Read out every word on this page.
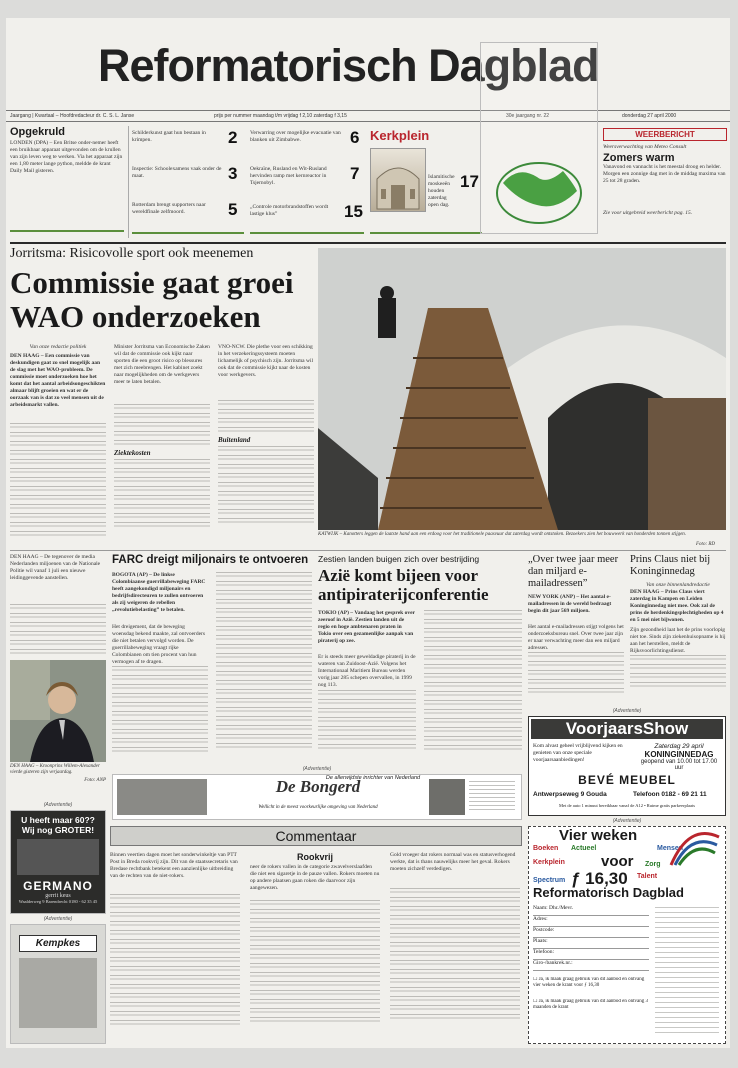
Reformatorisch Dagblad
Jaargang | Kwartaal – Hoofdredacteur dr. C. S. L. Janse	prijs per nummer maandag t/m vrijdag f 2,10 zaterdag f 3,15	30e jaargang nr. 22	donderdag 27 april 2000
Opgekruld
LONDEN (DPA) – Een Britse onder-nemer heeft een bruikbaar apparaat uitgevonden om de krullen van zijn leven weg te werken. Via het apparaat zijn een 1,80 meter lange python, meldde de krant Daily Mail gisteren.
Schilderkunst gaat hun bestaan in krimpen.	2
Inspectie: Schoolexamens vaak onder de maat.	3
Rotterdam brengt supporters naar wereldfinale zelfmoord.	5
Verwarring over mogelijke evacuatie van blanken uit Zimbabwe.	6
Oekraïne, Rusland en Wit-Rusland hervinden ramp met kernreactor in Tsjernobyl.	7
„Controle motorbrandstoffen wordt lastige klus”	15
Kerkplein
Islamitische moskeeën houden zaterdag open dag.
17
WEERBERICHT
Weersverwachting van Meteo Consult
Zomers warm
Vanavond en vannacht is het meestal droog en helder. Morgen een zonnige dag met in de middag maxima van 25 tot 28 graden.
Zie voor uitgebreid weerbericht pag. 15.
Jorritsma: Risicovolle sport ook meenemen
Commissie gaat groei
WAO onderzoeken
Van onze redactie politiek
DEN HAAG – Een commissie van deskundigen gaat zo snel mogelijk aan de slag met het WAO-probleem. De commissie moet onderzoeken hoe het komt dat het aantal arbeidsongeschikten almaar blijft groeien en wat er de oorzaak van is dat zo veel mensen uit de arbeidsmarkt vallen.
Minister Jorritsma van Economische Zaken wil dat de commissie ook kijkt naar sporten die een groot risico op blessures met zich meebrengen. Het kabinet zoekt naar mogelijkheden om de werkgevers meer te laten betalen.
Ziektekosten
VNO-NCW. Die plethe voor een schikking in het verzekeringssysteem moeten lichamelijk of psychisch zijn. Jorritsma wil ook dat de commissie kijkt naar de kosten voor werkgevers.
Buitenland
KATWIJK – Kanotters leggen de laatste hand aan een erdoog voor het traditionele paasvuur dat zaterdag wordt ontstoken. Bezoekers zien het bouwwerk van honderden tonnen stijgen.
Foto: RD
DEN HAAG – De tegenover de media Nederlanden miljoenen van de Nationale Politie wil vanaf 1 juli een nieuwe leidinggevende aanstellen.
DEN HAAG – Kroonprins Willem-Alexander vierde gisteren zijn verjaardag.
Foto: ANP
FARC dreigt miljonairs te ontvoeren
BOGOTA (AP) – De linkse Colombiaanse guerrillabeweging FARC heeft aangekondigd miljonairs en bedrijfsdirecteuren te zullen ontvoeren als zij weigeren de rebellen „revolutiebelasting” te betalen.
Het dreigement, dat de beweging woensdag bekend maakte, zal ontvoerders die niet betalen vervolgd worden. De guerrillabeweging vraagt rijke Colombianen om tien procent van hun vermogen af te dragen.
Zestien landen buigen zich over bestrijding
Azië komt bijeen voor
antipiraterijconferentie
TOKIO (AP) – Vandaag het gesprek over zeeroof in Azië. Zestien landen uit de regio en hoge ambtenaren praten in Tokio over een gezamenlijke aanpak van piraterij op zee.
Er is steeds meer geweldadige piraterij in de wateren van Zuidoost-Azië. Volgens het Internationaal Maritiem Bureau werden vorig jaar 285 schepen overvallen, in 1999 nog 113.
„Over twee jaar meer dan miljard e-mailadressen”
NEW YORK (ANP) – Het aantal e-mailadressen in de wereld bedraagt begin dit jaar 569 miljoen.
Het aantal e-mailadressen stijgt volgens het onderzoeksbureau snel. Over twee jaar zijn er naar verwachting meer dan een miljard adressen.
Prins Claus niet bij Koninginnedag
Van onze binnenlandredactie
DEN HAAG – Prins Claus viert zaterdag in Kampen en Leiden Koninginnedag niet mee. Ook zal de prins de herdenkingsplechtigheden op 4 en 5 mei niet bijwonen.
Zijn gezondheid laat het de prins voorlopig niet toe. Sinds zijn ziekenhuisopname is hij aan het herstellen, meldt de Rijksvoorlichtingsdienst.
(Advertentie)
VoorjaarsShow
Kom alvast geheel vrijblijvend kijken en genieten van onze speciale voorjaarsaanbiedingen!
Zaterdag 29 april
KONINGINNEDAG
geopend van 10.00 tot 17.00 uur
BEVÉ MEUBEL
Antwerpseweg 9 Gouda	Telefoon 0182 - 69 21 11
Met de auto 1 minuut bereikbaar vanaf de A12 • Ruime gratis parkeerplaats
(Advertentie)
De Bongerd
De allerwijdste inrichter van Nederland
Wellicht in de meest voorkeurlijke omgeving van Nederland
(Advertentie)
U heeft maar 60??
Wij nog GROTER!
GERMANO
gerrit keus
Waalderweg 9 Barendrecht 0180 - 62 35 45
(Advertentie)
Kempkes
Commentaar
Binnen veertien dagen moet het sonderwinkeltje van PTT Post in Breda rookvrij zijn. Dit van de staatssecretaris van Bredase rechtbank betekent een aanzienlijke uitbreiding van de rechten van de niet-rokers.
Rookvrij
neer de rokers vallen in de categorie zwavelverslaafden die niet een sigaretje in de pauze vallen. Rokers moeten nu op andere plaatsen gaan roken die daarvoor zijn aangewezen.
Gold vroeger dat rokers normaal was en statusverhogend werkte, dat is thans nauwelijks meer het geval. Rokers moeten zichzelf verdedigen.
(Advertentie)
Vier weken
Boeken Actueel	Mensen
Kerkplein voor Zorg
Spectrum ƒ 16,30 Talent
Reformatorisch Dagblad
Naam: Dhr./Mevr.
Adres:
Postcode:
Plaats:
Telefoon:
Giro-/bankrek.nr.:
☐ Ja, ik maak graag gebruik van dit aanbod en ontvang vier weken de krant voor ƒ 16,30
☐ Ja, ik maak graag gebruik van dit aanbod en ontvang 3 maanden de krant
